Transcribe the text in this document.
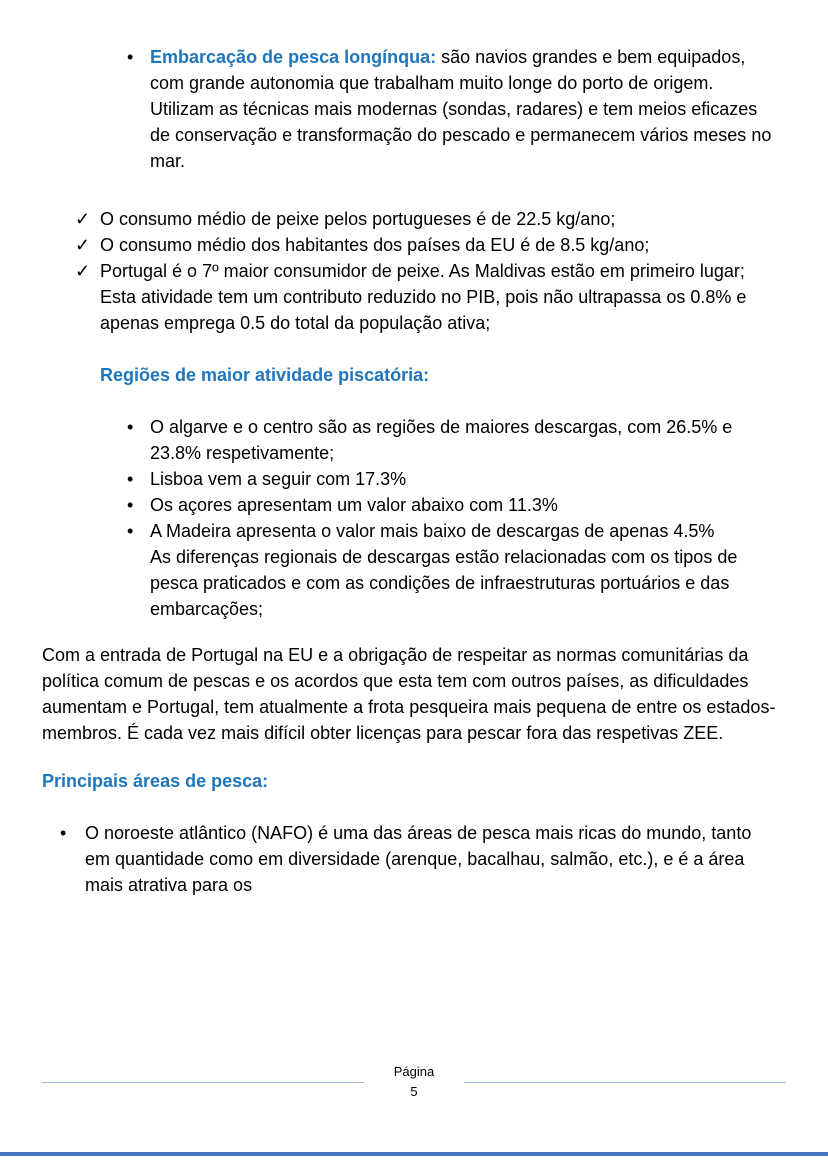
• Embarcação de pesca longínqua: são navios grandes e bem equipados, com grande autonomia que trabalham muito longe do porto de origem. Utilizam as técnicas mais modernas (sondas, radares) e tem meios eficazes de conservação e transformação do pescado e permanecem vários meses no mar.
✓ O consumo médio de peixe pelos portugueses é de 22.5 kg/ano;
✓ O consumo médio dos habitantes dos países da EU é de 8.5 kg/ano;
✓ Portugal é o 7º maior consumidor de peixe. As Maldivas estão em primeiro lugar;
Esta atividade tem um contributo reduzido no PIB, pois não ultrapassa os 0.8% e apenas emprega 0.5 do total da população ativa;
Regiões de maior atividade piscatória:
• O algarve e o centro são as regiões de maiores descargas, com 26.5% e 23.8% respetivamente;
• Lisboa vem a seguir com 17.3%
• Os açores apresentam um valor abaixo com 11.3%
• A Madeira apresenta o valor mais baixo de descargas de apenas 4.5%
As diferenças regionais de descargas estão relacionadas com os tipos de pesca praticados e com as condições de infraestruturas portuários e das embarcações;

Com a entrada de Portugal na EU e a obrigação de respeitar as normas comunitárias da política comum de pescas e os acordos que esta tem com outros países, as dificuldades aumentam e Portugal, tem atualmente a frota pesqueira mais pequena de entre os estados-membros. É cada vez mais difícil obter licenças para pescar fora das respetivas ZEE.

Principais áreas de pesca:
•	O noroeste atlântico (NAFO) é uma das áreas de pesca mais ricas do mundo, tanto em quantidade como em diversidade (arenque, bacalhau, salmão, etc.), e é a área mais atrativa para os
Página
5
